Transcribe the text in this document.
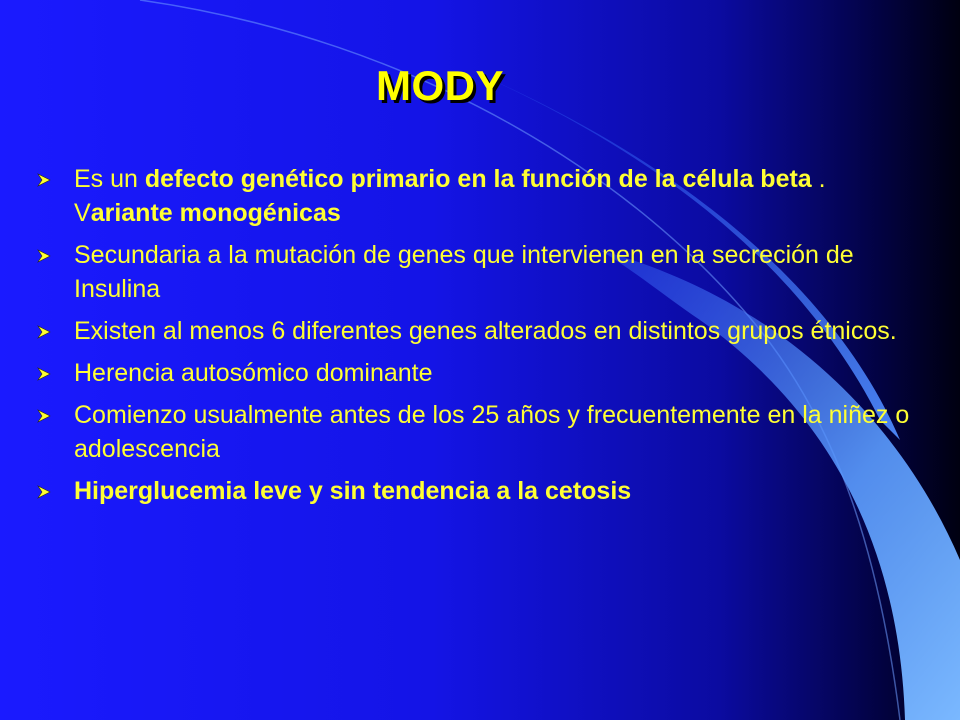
MODY
Es un defecto genético primario en la función de la célula beta . Variante monogénicas
Secundaria a la mutación de genes que intervienen en la secreción de Insulina
Existen al menos 6 diferentes genes alterados en distintos grupos étnicos.
Herencia autosómico dominante
Comienzo usualmente antes de los 25 años y frecuentemente en la niñez o adolescencia
Hiperglucemia leve y sin tendencia a la cetosis
